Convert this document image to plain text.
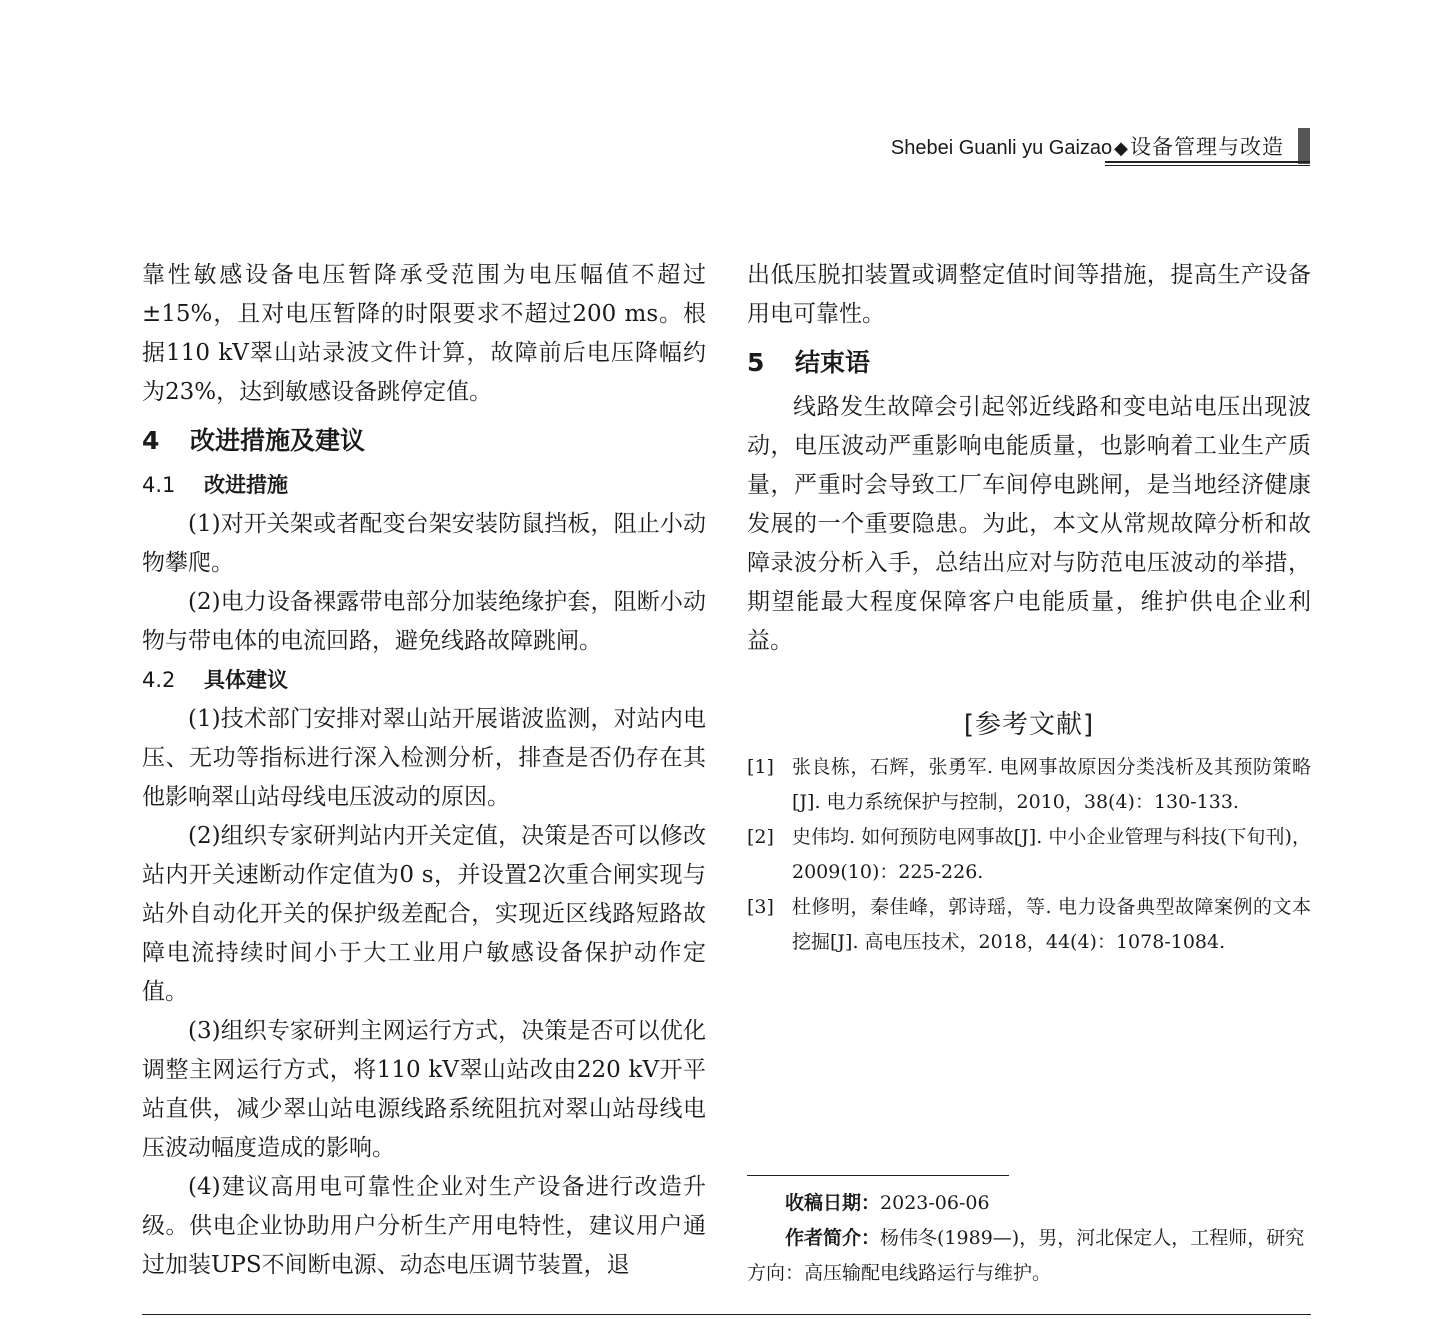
Shebei Guanli yu Gaizao ◆设备管理与改造

靠性敏感设备电压暂降承受范围为电压幅值不超过±15%，且对电压暂降的时限要求不超过200 ms。根据110 kV翠山站录波文件计算，故障前后电压降幅约为23%，达到敏感设备跳停定值。

4 改进措施及建议
4.1 改进措施

(1)对开关架或者配变台架安装防鼠挡板，阻止小动物攀爬。

(2)电力设备裸露带电部分加装绝缘护套，阻断小动物与带电体的电流回路，避免线路故障跳闸。

4.2 具体建议

(1)技术部门安排对翠山站开展谐波监测，对站内电压、无功等指标进行深入检测分析，排查是否仍存在其他影响翠山站母线电压波动的原因。

(2)组织专家研判站内开关定值，决策是否可以修改站内开关速断动作定值为0 s，并设置2次重合闸实现与站外自动化开关的保护级差配合，实现近区线路短路故障电流持续时间小于大工业用户敏感设备保护动作定值。

(3)组织专家研判主网运行方式，决策是否可以优化调整主网运行方式，将110 kV翠山站改由220 kV开平站直供，减少翠山站电源线路系统阻抗对翠山站母线电压波动幅度造成的影响。

(4)建议高用电可靠性企业对生产设备进行改造升级。供电企业协助用户分析生产用电特性，建议用户通过加装UPS不间断电源、动态电压调节装置，退

出低压脱扣装置或调整定值时间等措施，提高生产设备用电可靠性。

5 结束语

线路发生故障会引起邻近线路和变电站电压出现波动，电压波动严重影响电能质量，也影响着工业生产质量，严重时会导致工厂车间停电跳闸，是当地经济健康发展的一个重要隐患。为此，本文从常规故障分析和故障录波分析入手，总结出应对与防范电压波动的举措，期望能最大程度保障客户电能质量，维护供电企业利益。

[参考文献]
[1] 张良栋，石辉，张勇军. 电网事故原因分类浅析及其预防策略[J]. 电力系统保护与控制，2010，38(4)：130-133.
[2] 史伟均. 如何预防电网事故[J]. 中小企业管理与科技(下旬刊)，2009(10)：225-226.
[3] 杜修明，秦佳峰，郭诗瑶，等. 电力设备典型故障案例的文本挖掘[J]. 高电压技术，2018，44(4)：1078-1084.

收稿日期：2023-06-06

作者简介：杨伟冬(1989—)，男，河北保定人，工程师，研究方向：高压输配电线路运行与维护。
